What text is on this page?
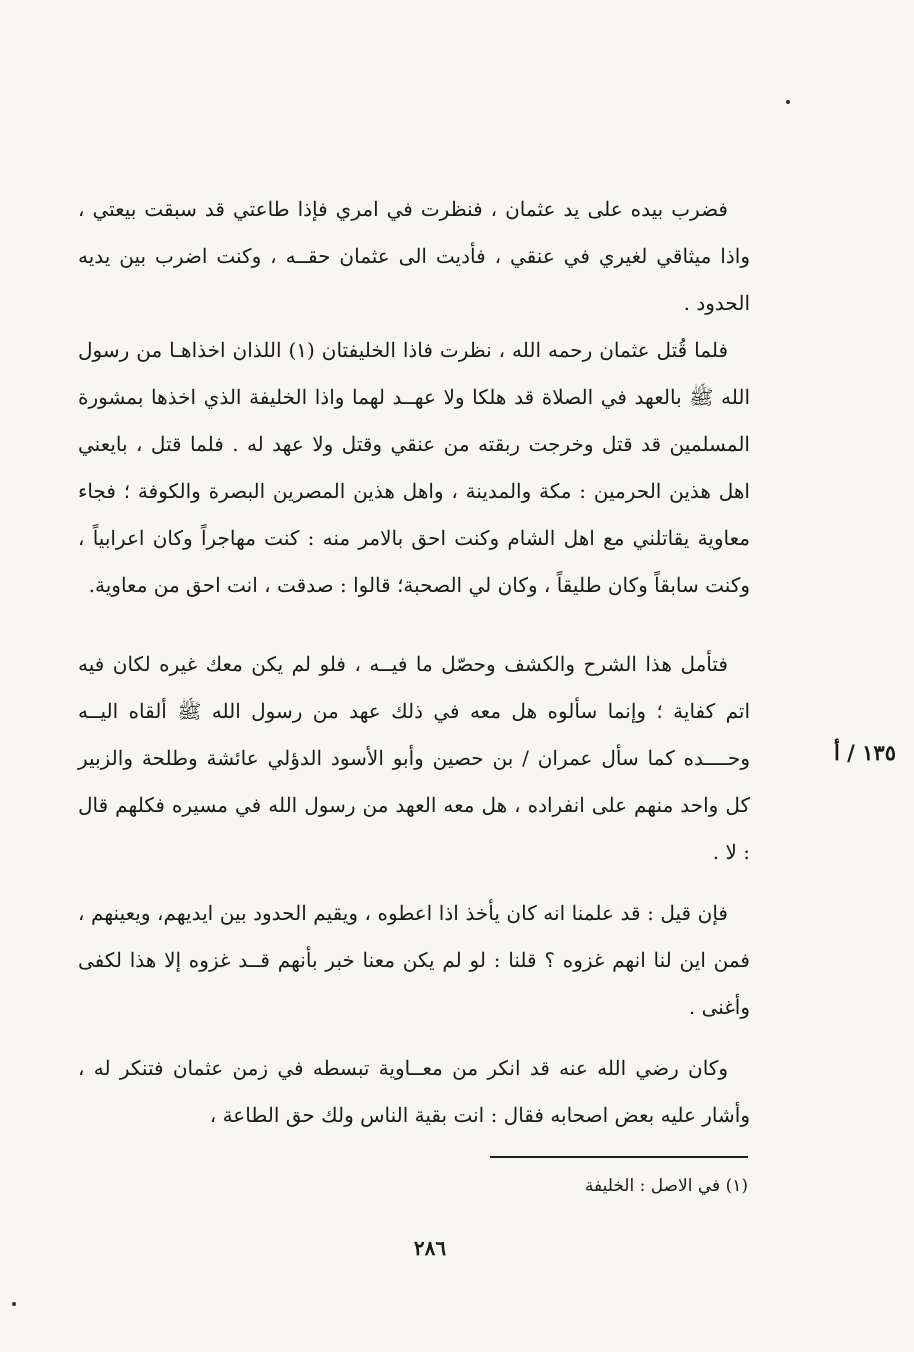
فضرب بيده على يد عثمان ، فنظرت في امري فإذا طاعتي قد سبقت بيعتي ، واذا ميثاقي لغيري في عنقي ، فأديت الى عثمان حقــه ، وكنت اضرب بين يديه الحدود .

فلما قُتل عثمان رحمه الله ، نظرت فاذا الخليفتان (١) اللذان اخذاهـا من رسول الله ﷺ بالعهد في الصلاة قد هلكا ولا عهــد لهما واذا الخليفة الذي اخذها بمشورة المسلمين قد قتل وخرجت ربقته من عنقي وقتل ولا عهد له . فلما قتل ، بايعني اهل هذين الحرمين : مكة والمدينة ، واهل هذين المصرين البصرة والكوفة ؛ فجاء معاوية يقاتلني مع اهل الشام وكنت احق بالامر منه : كنت مهاجراً وكان اعرابياً ، وكنت سابقاً وكان طليقاً ، وكان لي الصحبة؛ قالوا : صدقت ، انت احق من معاوية.

فتأمل هذا الشرح والكشف وحصّل ما فيــه ، فلو لم يكن معك غيره لكان فيه اتم كفاية ؛ وإنما سألوه هل معه في ذلك عهد من رسول الله ﷺ ألقاه اليــه وحــــده كما سأل عمران / بن حصين وأبو الأسود الدؤلي عائشة وطلحة والزبير كل واحد منهم على انفراده ، هل معه العهد من رسول الله في مسيره فكلهم قال : لا .

فإن قيل : قد علمنا انه كان يأخذ اذا اعطوه ، ويقيم الحدود بين ايديهم، ويعينهم ، فمن اين لنا انهم غزوه ؟ قلنا : لو لم يكن معنا خبر بأنهم قــد غزوه إلا هذا لكفى وأغنى .

وكان رضي الله عنه قد انكر من معــاوية تبسطه في زمن عثمان فتنكر له ، وأشار عليه بعض اصحابه فقال : انت بقية الناس ولك حق الطاعة ،

١٣٥ / أ
(١) في الاصل : الخليفة
٢٨٦
